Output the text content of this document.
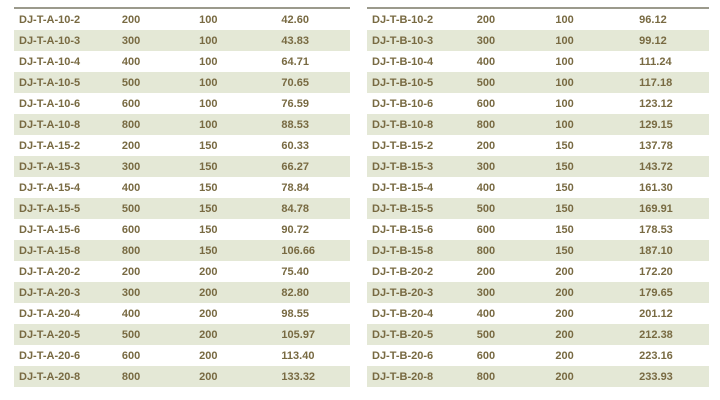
DJ-T-A-10-2	200	100	42.60
DJ-T-A-10-3	300	100	43.83
DJ-T-A-10-4	400	100	64.71
DJ-T-A-10-5	500	100	70.65
DJ-T-A-10-6	600	100	76.59
DJ-T-A-10-8	800	100	88.53
DJ-T-A-15-2	200	150	60.33
DJ-T-A-15-3	300	150	66.27
DJ-T-A-15-4	400	150	78.84
DJ-T-A-15-5	500	150	84.78
DJ-T-A-15-6	600	150	90.72
DJ-T-A-15-8	800	150	106.66
DJ-T-A-20-2	200	200	75.40
DJ-T-A-20-3	300	200	82.80
DJ-T-A-20-4	400	200	98.55
DJ-T-A-20-5	500	200	105.97
DJ-T-A-20-6	600	200	113.40
DJ-T-A-20-8	800	200	133.32
DJ-T-B-10-2	200	100	96.12
DJ-T-B-10-3	300	100	99.12
DJ-T-B-10-4	400	100	111.24
DJ-T-B-10-5	500	100	117.18
DJ-T-B-10-6	600	100	123.12
DJ-T-B-10-8	800	100	129.15
DJ-T-B-15-2	200	150	137.78
DJ-T-B-15-3	300	150	143.72
DJ-T-B-15-4	400	150	161.30
DJ-T-B-15-5	500	150	169.91
DJ-T-B-15-6	600	150	178.53
DJ-T-B-15-8	800	150	187.10
DJ-T-B-20-2	200	200	172.20
DJ-T-B-20-3	300	200	179.65
DJ-T-B-20-4	400	200	201.12
DJ-T-B-20-5	500	200	212.38
DJ-T-B-20-6	600	200	223.16
DJ-T-B-20-8	800	200	233.93
